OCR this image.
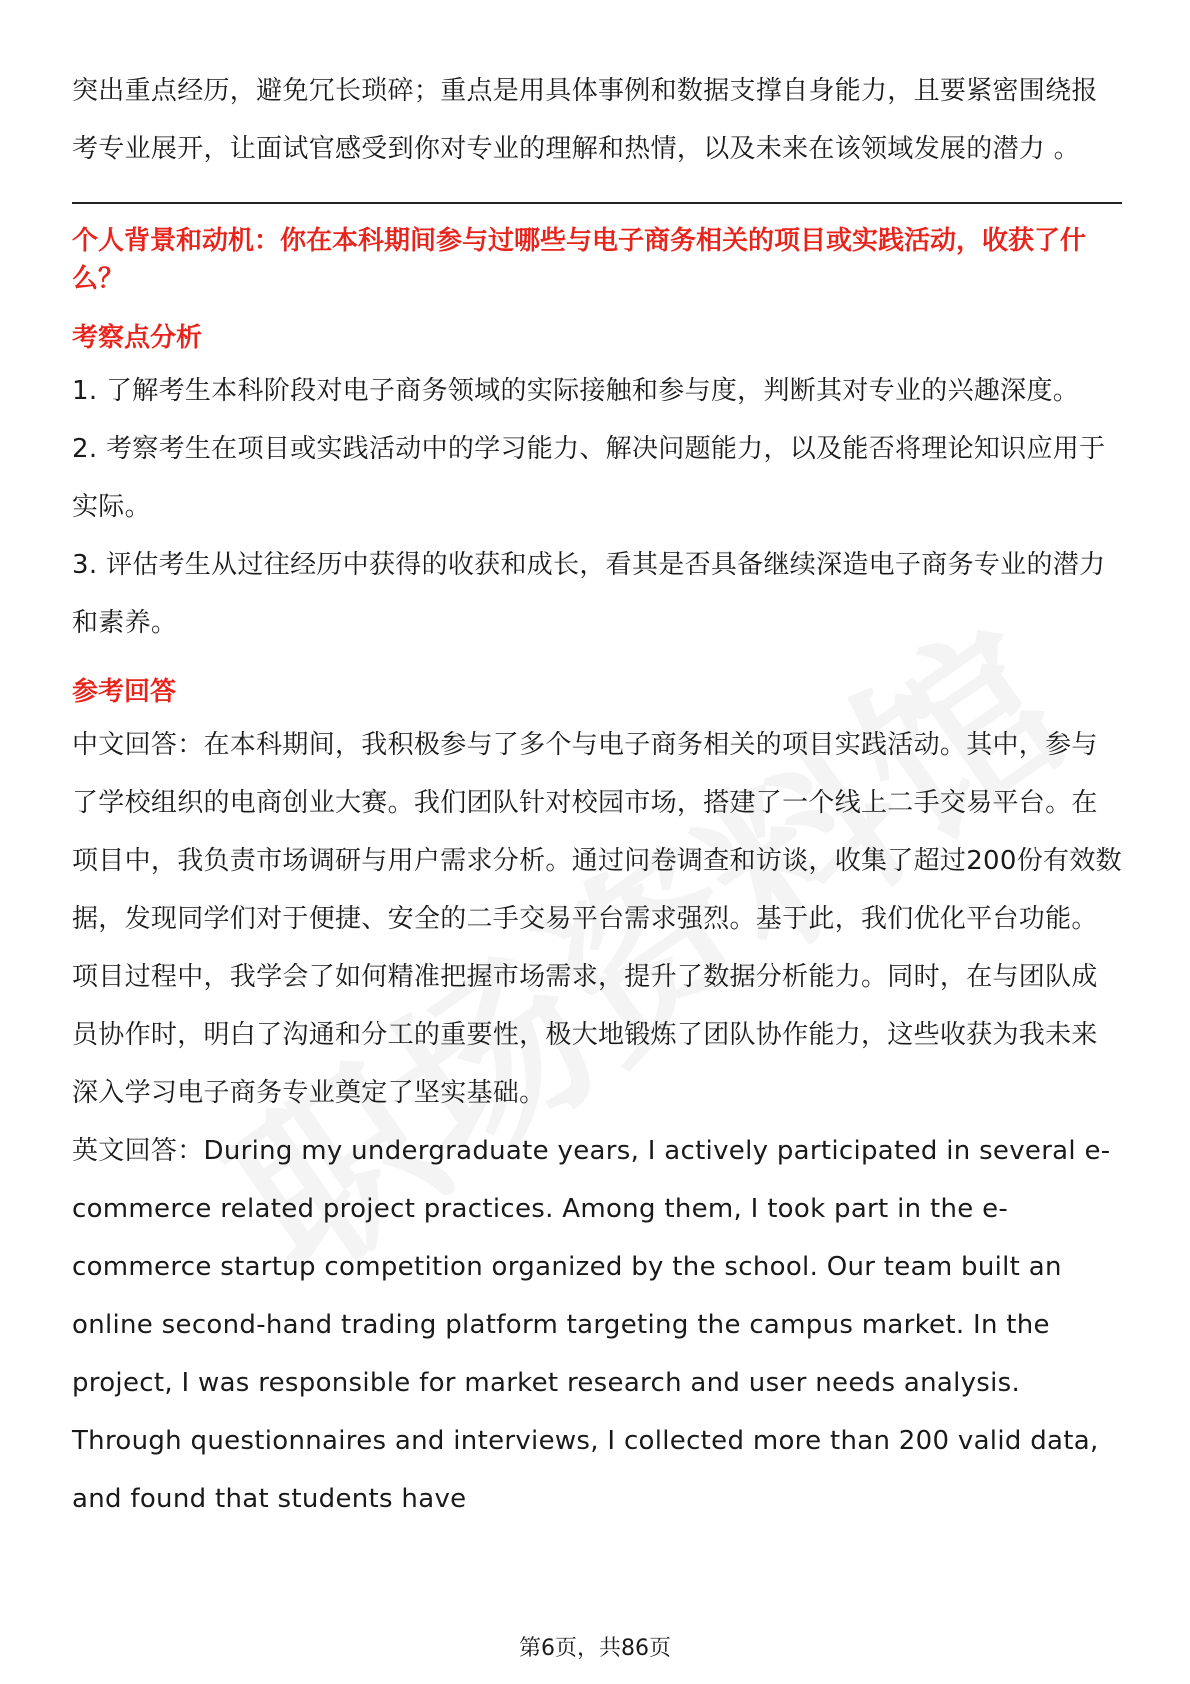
突出重点经历，避免冗长琐碎；重点是用具体事例和数据支撑自身能力，且要紧密围绕报考专业展开，让面试官感受到你对专业的理解和热情，以及未来在该领域发展的潜力 。

个人背景和动机：你在本科期间参与过哪些与电子商务相关的项目或实践活动，收获了什么？

考察点分析

1. 了解考生本科阶段对电子商务领域的实际接触和参与度，判断其对专业的兴趣深度。

2. 考察考生在项目或实践活动中的学习能力、解决问题能力，以及能否将理论知识应用于实际。

3. 评估考生从过往经历中获得的收获和成长，看其是否具备继续深造电子商务专业的潜力和素养。

参考回答

中文回答：在本科期间，我积极参与了多个与电子商务相关的项目实践活动。其中，参与了学校组织的电商创业大赛。我们团队针对校园市场，搭建了一个线上二手交易平台。在项目中，我负责市场调研与用户需求分析。通过问卷调查和访谈，收集了超过200份有效数据，发现同学们对于便捷、安全的二手交易平台需求强烈。基于此，我们优化平台功能。项目过程中，我学会了如何精准把握市场需求，提升了数据分析能力。同时，在与团队成员协作时，明白了沟通和分工的重要性，极大地锻炼了团队协作能力，这些收获为我未来深入学习电子商务专业奠定了坚实基础。

英文回答：During my undergraduate years, I actively participated in several e-commerce related project practices. Among them, I took part in the e-commerce startup competition organized by the school. Our team built an online second-hand trading platform targeting the campus market. In the project, I was responsible for market research and user needs analysis. Through questionnaires and interviews, I collected more than 200 valid data, and found that students have

第6页，共86页
